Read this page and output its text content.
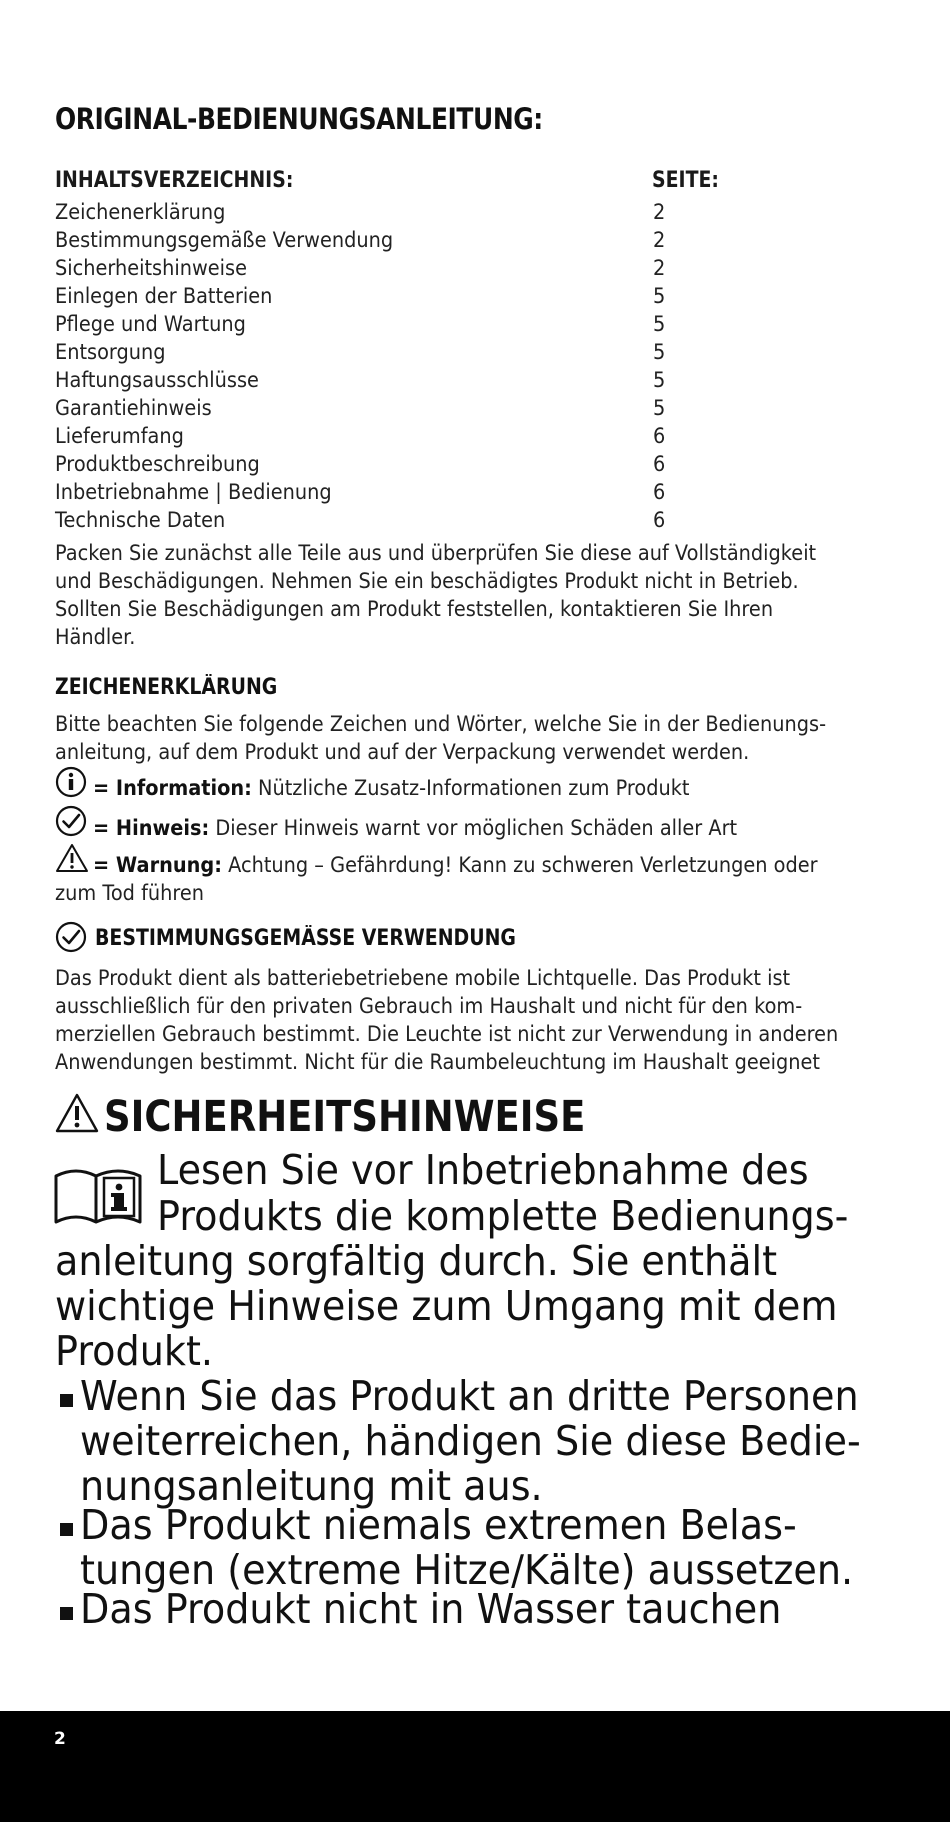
ORIGINAL-BEDIENUNGSANLEITUNG:
INHALTSVERZEICHNIS:	SEITE:
Zeichenerklärung	2
Bestimmungsgemäße Verwendung	2
Sicherheitshinweise	2
Einlegen der Batterien	5
Pflege und Wartung	5
Entsorgung	5
Haftungsausschlüsse	5
Garantiehinweis	5
Lieferumfang	6
Produktbeschreibung	6
Inbetriebnahme | Bedienung	6
Technische Daten	6
Packen Sie zunächst alle Teile aus und überprüfen Sie diese auf Vollständigkeit
und Beschädigungen. Nehmen Sie ein beschädigtes Produkt nicht in Betrieb.
Sollten Sie Beschädigungen am Produkt feststellen, kontaktieren Sie Ihren
Händler.
ZEICHENERKLÄRUNG
Bitte beachten Sie folgende Zeichen und Wörter, welche Sie in der Bedienungs-
anleitung, auf dem Produkt und auf der Verpackung verwendet werden.
= Information: Nützliche Zusatz-Informationen zum Produkt
= Hinweis: Dieser Hinweis warnt vor möglichen Schäden aller Art
= Warnung: Achtung – Gefährdung! Kann zu schweren Verletzungen oder
zum Tod führen
BESTIMMUNGSGEMÄSSE VERWENDUNG
Das Produkt dient als batteriebetriebene mobile Lichtquelle. Das Produkt ist
ausschließlich für den privaten Gebrauch im Haushalt und nicht für den kom-
merziellen Gebrauch bestimmt. Die Leuchte ist nicht zur Verwendung in anderen
Anwendungen bestimmt. Nicht für die Raumbeleuchtung im Haushalt geeignet
SICHERHEITSHINWEISE
Lesen Sie vor Inbetriebnahme des
Produkts die komplette Bedienungs-
anleitung sorgfältig durch. Sie enthält
wichtige Hinweise zum Umgang mit dem
Produkt.
Wenn Sie das Produkt an dritte Personen
weiterreichen, händigen Sie diese Bedie-
nungsanleitung mit aus.
Das Produkt niemals extremen Belas-
tungen (extreme Hitze/Kälte) aussetzen.
Das Produkt nicht in Wasser tauchen
2
